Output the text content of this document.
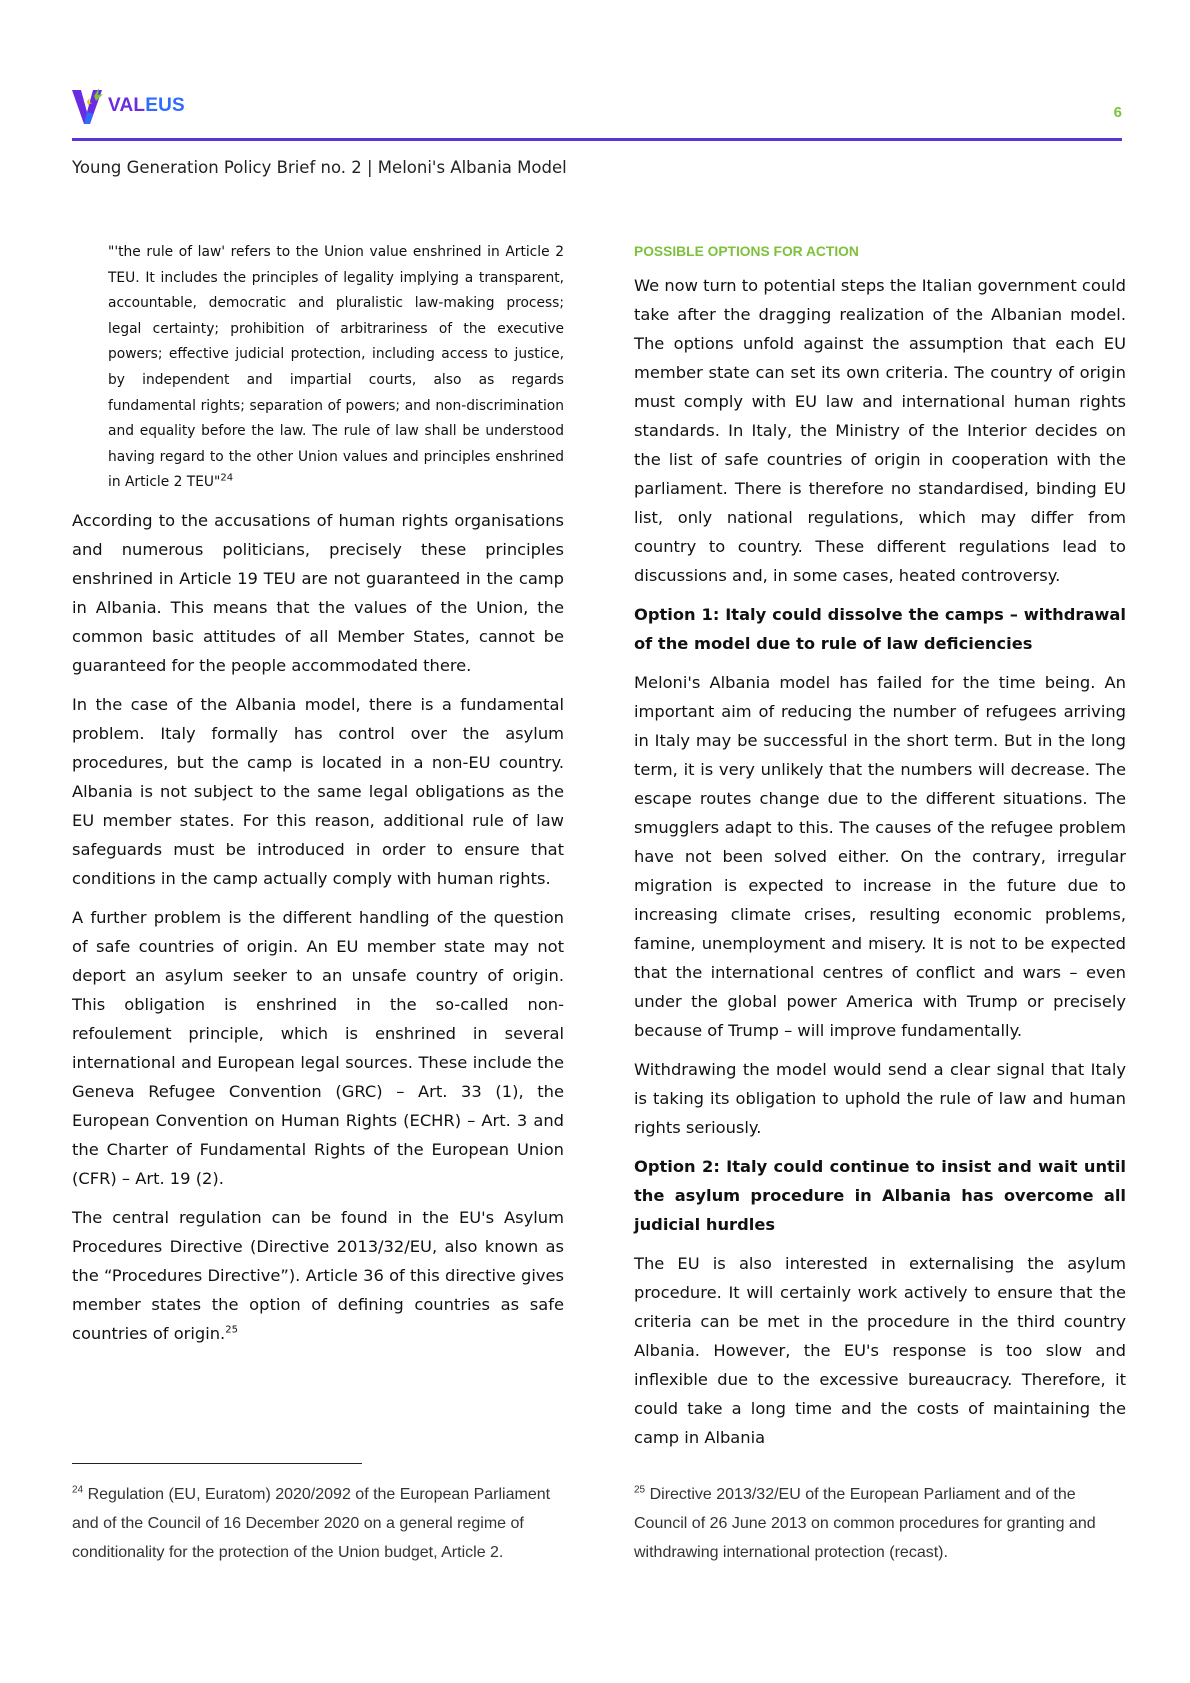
VALEUS	6
Young Generation Policy Brief no. 2 | Meloni's Albania Model

"'the rule of law' refers to the Union value enshrined in Article 2 TEU. It includes the principles of legality implying a transparent, accountable, democratic and pluralistic law-making process; legal certainty; prohibition of arbitrariness of the executive powers; effective judicial protection, including access to justice, by independent and impartial courts, also as regards fundamental rights; separation of powers; and non-discrimination and equality before the law. The rule of law shall be understood having regard to the other Union values and principles enshrined in Article 2 TEU"$^{24}$

According to the accusations of human rights organisations and numerous politicians, precisely these principles enshrined in Article 19 TEU are not guaranteed in the camp in Albania. This means that the values of the Union, the common basic attitudes of all Member States, cannot be guaranteed for the people accommodated there.

In the case of the Albania model, there is a fundamental problem. Italy formally has control over the asylum procedures, but the camp is located in a non-EU country. Albania is not subject to the same legal obligations as the EU member states. For this reason, additional rule of law safeguards must be introduced in order to ensure that conditions in the camp actually comply with human rights.

A further problem is the different handling of the question of safe countries of origin. An EU member state may not deport an asylum seeker to an unsafe country of origin. This obligation is enshrined in the so-called non-refoulement principle, which is enshrined in several international and European legal sources. These include the Geneva Refugee Convention (GRC) – Art. 33 (1), the European Convention on Human Rights (ECHR) – Art. 3 and the Charter of Fundamental Rights of the European Union (CFR) – Art. 19 (2).

The central regulation can be found in the EU's Asylum Procedures Directive (Directive 2013/32/EU, also known as the “Procedures Directive”). Article 36 of this directive gives member states the option of defining countries as safe countries of origin.$^{25}$

POSSIBLE OPTIONS FOR ACTION

We now turn to potential steps the Italian government could take after the dragging realization of the Albanian model. The options unfold against the assumption that each EU member state can set its own criteria. The country of origin must comply with EU law and international human rights standards. In Italy, the Ministry of the Interior decides on the list of safe countries of origin in cooperation with the parliament. There is therefore no standardised, binding EU list, only national regulations, which may differ from country to country. These different regulations lead to discussions and, in some cases, heated controversy.

Option 1: Italy could dissolve the camps – withdrawal of the model due to rule of law deficiencies

Meloni's Albania model has failed for the time being. An important aim of reducing the number of refugees arriving in Italy may be successful in the short term. But in the long term, it is very unlikely that the numbers will decrease. The escape routes change due to the different situations. The smugglers adapt to this. The causes of the refugee problem have not been solved either. On the contrary, irregular migration is expected to increase in the future due to increasing climate crises, resulting economic problems, famine, unemployment and misery. It is not to be expected that the international centres of conflict and wars – even under the global power America with Trump or precisely because of Trump – will improve fundamentally.

Withdrawing the model would send a clear signal that Italy is taking its obligation to uphold the rule of law and human rights seriously.

Option 2: Italy could continue to insist and wait until the asylum procedure in Albania has overcome all judicial hurdles

The EU is also interested in externalising the asylum procedure. It will certainly work actively to ensure that the criteria can be met in the procedure in the third country Albania. However, the EU's response is too slow and inflexible due to the excessive bureaucracy. Therefore, it could take a long time and the costs of maintaining the camp in Albania

$^{24}$ Regulation (EU, Euratom) 2020/2092 of the European Parliament and of the Council of 16 December 2020 on a general regime of conditionality for the protection of the Union budget, Article 2.
$^{25}$ Directive 2013/32/EU of the European Parliament and of the Council of 26 June 2013 on common procedures for granting and withdrawing international protection (recast).
